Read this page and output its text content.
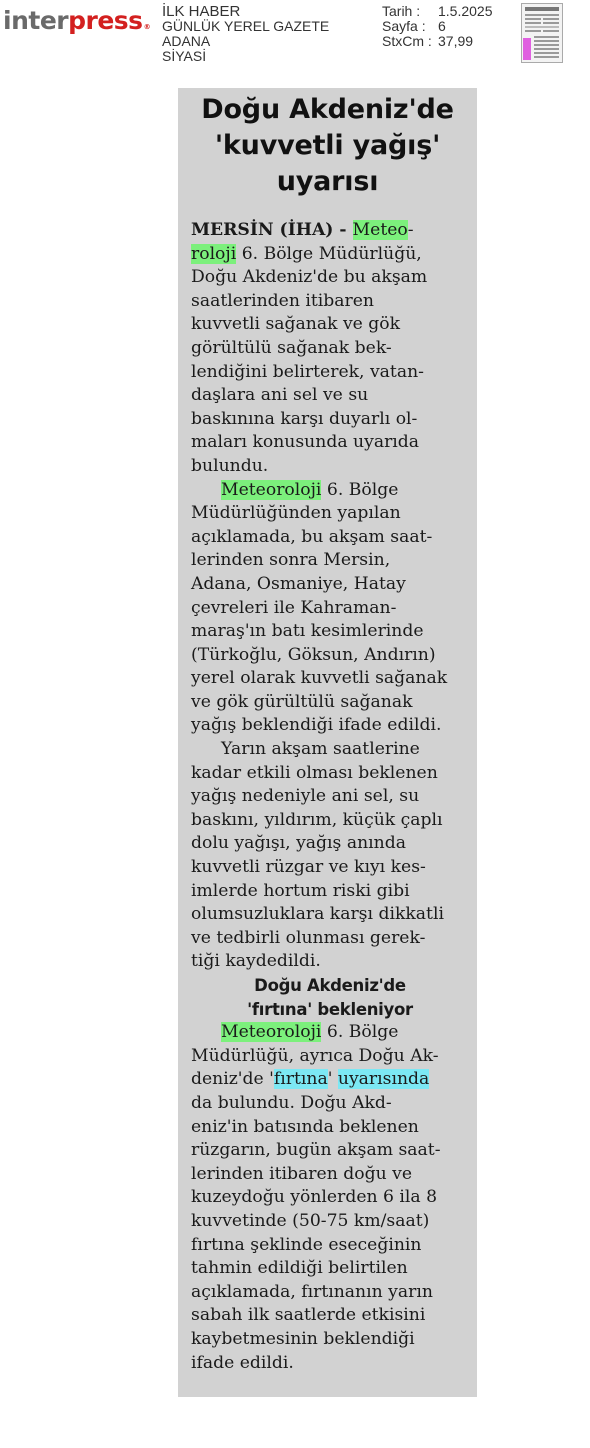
interpress®
İLK HABER
GÜNLÜK YEREL GAZETE
ADANA
SİYASİ
Tarih :	1.5.2025
Sayfa : 6
StxCm : 37,99
Doğu Akdeniz'de
'kuvvetli yağış'
uyarısı
MERSİN (İHA) - Meteo-
roloji 6. Bölge Müdürlüğü,
Doğu Akdeniz'de bu akşam
saatlerinden itibaren
kuvvetli sağanak ve gök
görültülü sağanak bek-
lendiğini belirterek, vatan-
daşlara ani sel ve su
baskınına karşı duyarlı ol-
maları konusunda uyarıda
bulundu.
Meteoroloji 6. Bölge
Müdürlüğünden yapılan
açıklamada, bu akşam saat-
lerinden sonra Mersin,
Adana, Osmaniye, Hatay
çevreleri ile Kahraman-
maraş'ın batı kesimlerinde
(Türkoğlu, Göksun, Andırın)
yerel olarak kuvvetli sağanak
ve gök gürültülü sağanak
yağış beklendiği ifade edildi.
Yarın akşam saatlerine
kadar etkili olması beklenen
yağış nedeniyle ani sel, su
baskını, yıldırım, küçük çaplı
dolu yağışı, yağış anında
kuvvetli rüzgar ve kıyı kes-
imlerde hortum riski gibi
olumsuzluklara karşı dikkatli
ve tedbirli olunması gerek-
tiği kaydedildi.
Doğu Akdeniz'de
'fırtına' bekleniyor
Meteoroloji 6. Bölge
Müdürlüğü, ayrıca Doğu Ak-
deniz'de 'fırtına' uyarısında
da bulundu. Doğu Akd-
eniz'in batısında beklenen
rüzgarın, bugün akşam saat-
lerinden itibaren doğu ve
kuzeydoğu yönlerden 6 ila 8
kuvvetinde (50-75 km/saat)
fırtına şeklinde eseceğinin
tahmin edildiği belirtilen
açıklamada, fırtınanın yarın
sabah ilk saatlerde etkisini
kaybetmesinin beklendiği
ifade edildi.
